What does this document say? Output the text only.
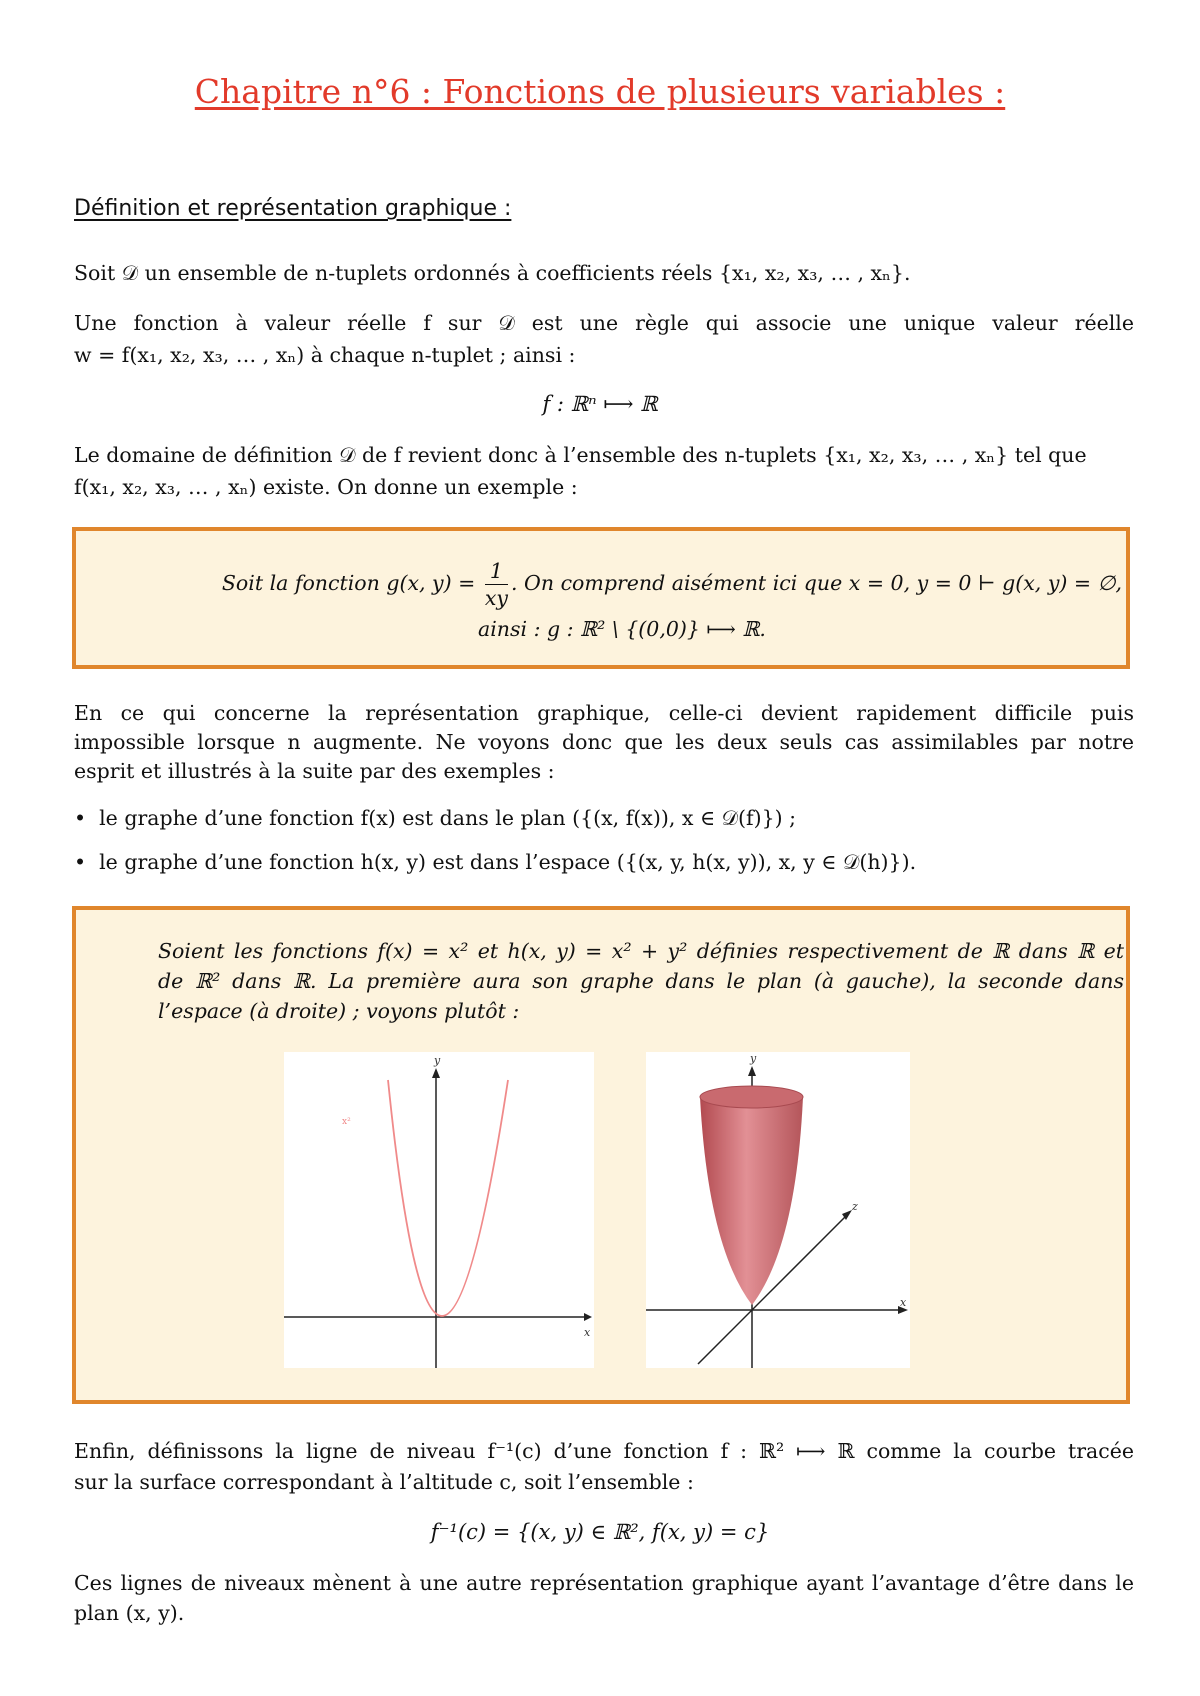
Chapitre n°6 : Fonctions de plusieurs variables :
Définition et représentation graphique :
Soit 𝒟 un ensemble de n-tuplets ordonnés à coefficients réels {x₁, x₂, x₃, … , xₙ}.
Une fonction à valeur réelle f sur 𝒟 est une règle qui associe une unique valeur réelle
w = f(x₁, x₂, x₃, … , xₙ) à chaque n-tuplet ; ainsi :
f : ℝⁿ ⟼ ℝ
Le domaine de définition 𝒟 de f revient donc à l’ensemble des n-tuplets {x₁, x₂, x₃, … , xₙ} tel que
f(x₁, x₂, x₃, … , xₙ) existe. On donne un exemple :
Soit la fonction g(x, $y) = \frac{1}{xy}$ . On comprend aisément ici que x = 0, y = 0 ⊢ g(x, y) = ∅,
ainsi : g : ℝ² \ {(0,0)} ⟼ ℝ.
En ce qui concerne la représentation graphique, celle-ci devient rapidement difficile puis
impossible lorsque n augmente. Ne voyons donc que les deux seuls cas assimilables par notre
esprit et illustrés à la suite par des exemples :
•  le graphe d’une fonction f(x) est dans le plan ({(x, f(x)), x ∈ 𝒟(f)}) ;
•  le graphe d’une fonction h(x, y) est dans l’espace ({(x, y, h(x, y)), x, y ∈ 𝒟(h)}).
Soient les fonctions f(x) = x² et h(x, y) = x² + y² définies respectivement de ℝ dans ℝ et
de ℝ² dans ℝ. La première aura son graphe dans le plan (à gauche), la seconde dans
l’espace (à droite) ; voyons plutôt :
x
y
x²
x
y
z
Enfin, définissons la ligne de niveau f⁻¹(c) d’une fonction f : ℝ² ⟼ ℝ comme la courbe tracée
sur la surface correspondant à l’altitude c, soit l’ensemble :
f⁻¹(c) = {(x, y) ∈ ℝ², f(x, y) = c}
Ces lignes de niveaux mènent à une autre représentation graphique ayant l’avantage d’être dans le
plan (x, y).
